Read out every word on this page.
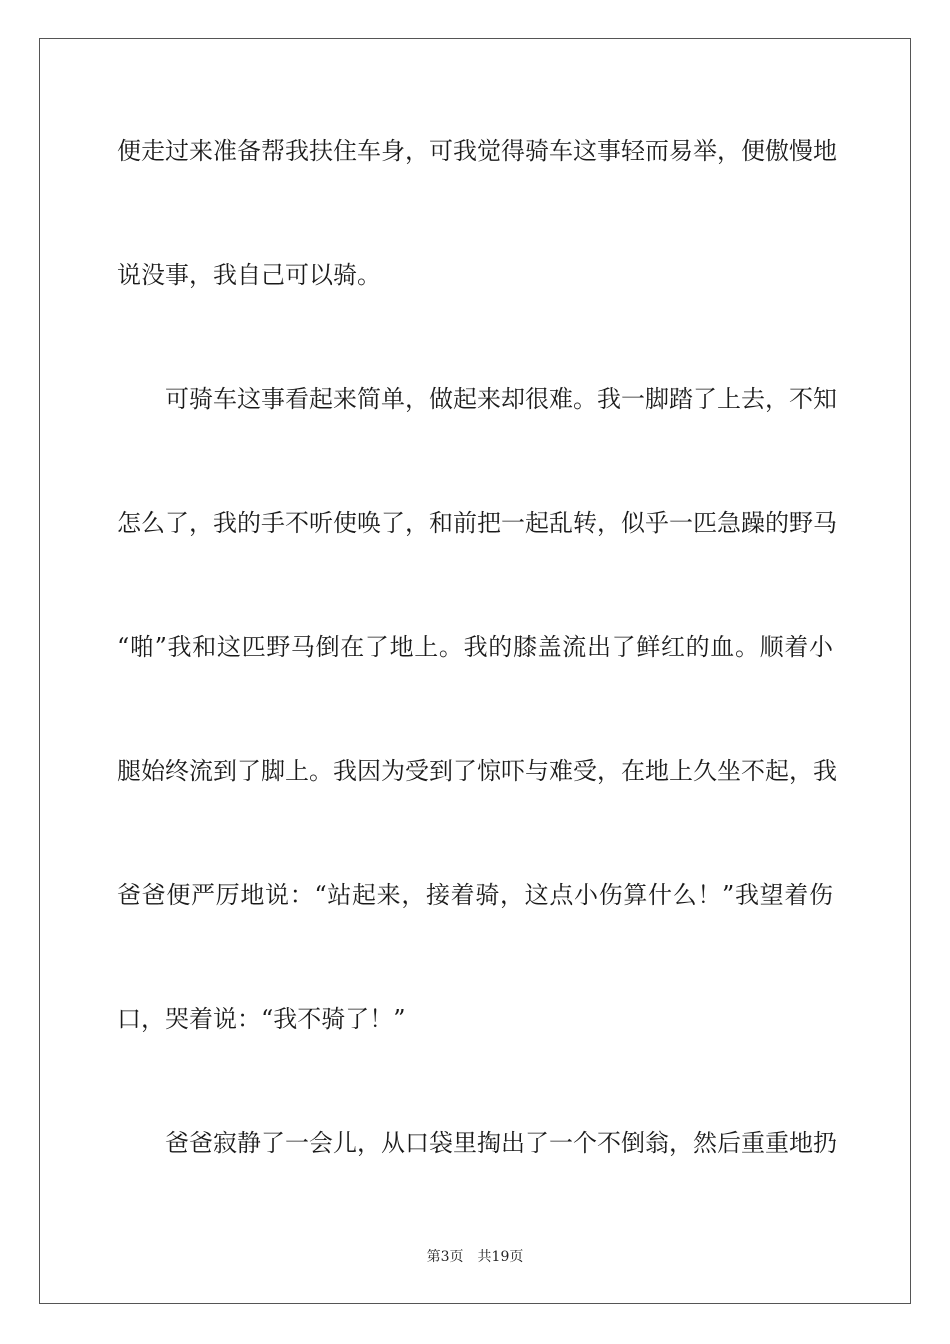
便走过来准备帮我扶住车身，可我觉得骑车这事轻而易举，便傲慢地
说没事，我自己可以骑。
可骑车这事看起来简单，做起来却很难。我一脚踏了上去，不知
怎么了，我的手不听使唤了，和前把一起乱转，似乎一匹急躁的野马
“啪”我和这匹野马倒在了地上。我的膝盖流出了鲜红的血。顺着小
腿始终流到了脚上。我因为受到了惊吓与难受，在地上久坐不起，我
爸爸便严厉地说：“站起来，接着骑，这点小伤算什么！”我望着伤
口，哭着说：“我不骑了！”
爸爸寂静了一会儿，从口袋里掏出了一个不倒翁，然后重重地扔
第3页 共19页
